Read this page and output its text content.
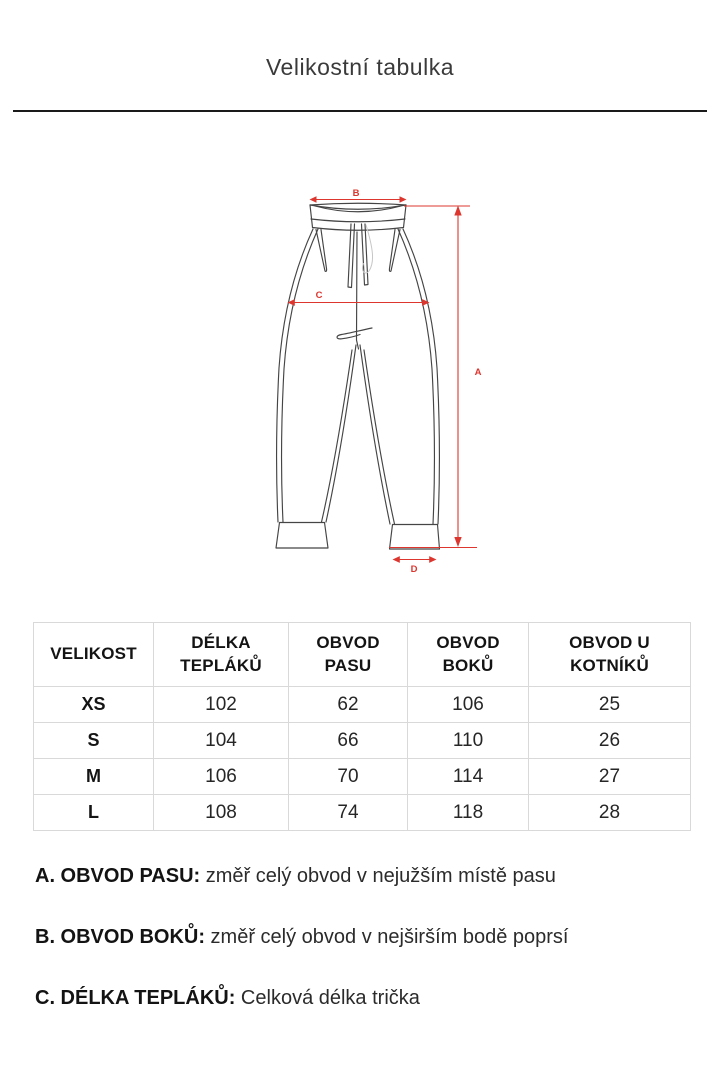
Velikostní tabulka
B
A
C
D
VELIKOST	DÉLKA TEPLÁKŮ	OBVOD PASU	OBVOD BOKŮ	OBVOD U KOTNÍKŮ
XS	102	62	106	25
S	104	66	110	26
M	106	70	114	27
L	108	74	118	28
A. OBVOD PASU: změř celý obvod v nejužším místě pasu
B. OBVOD BOKŮ: změř celý obvod v nejširším bodě poprsí
C. DÉLKA TEPLÁKŮ: Celková délka trička
